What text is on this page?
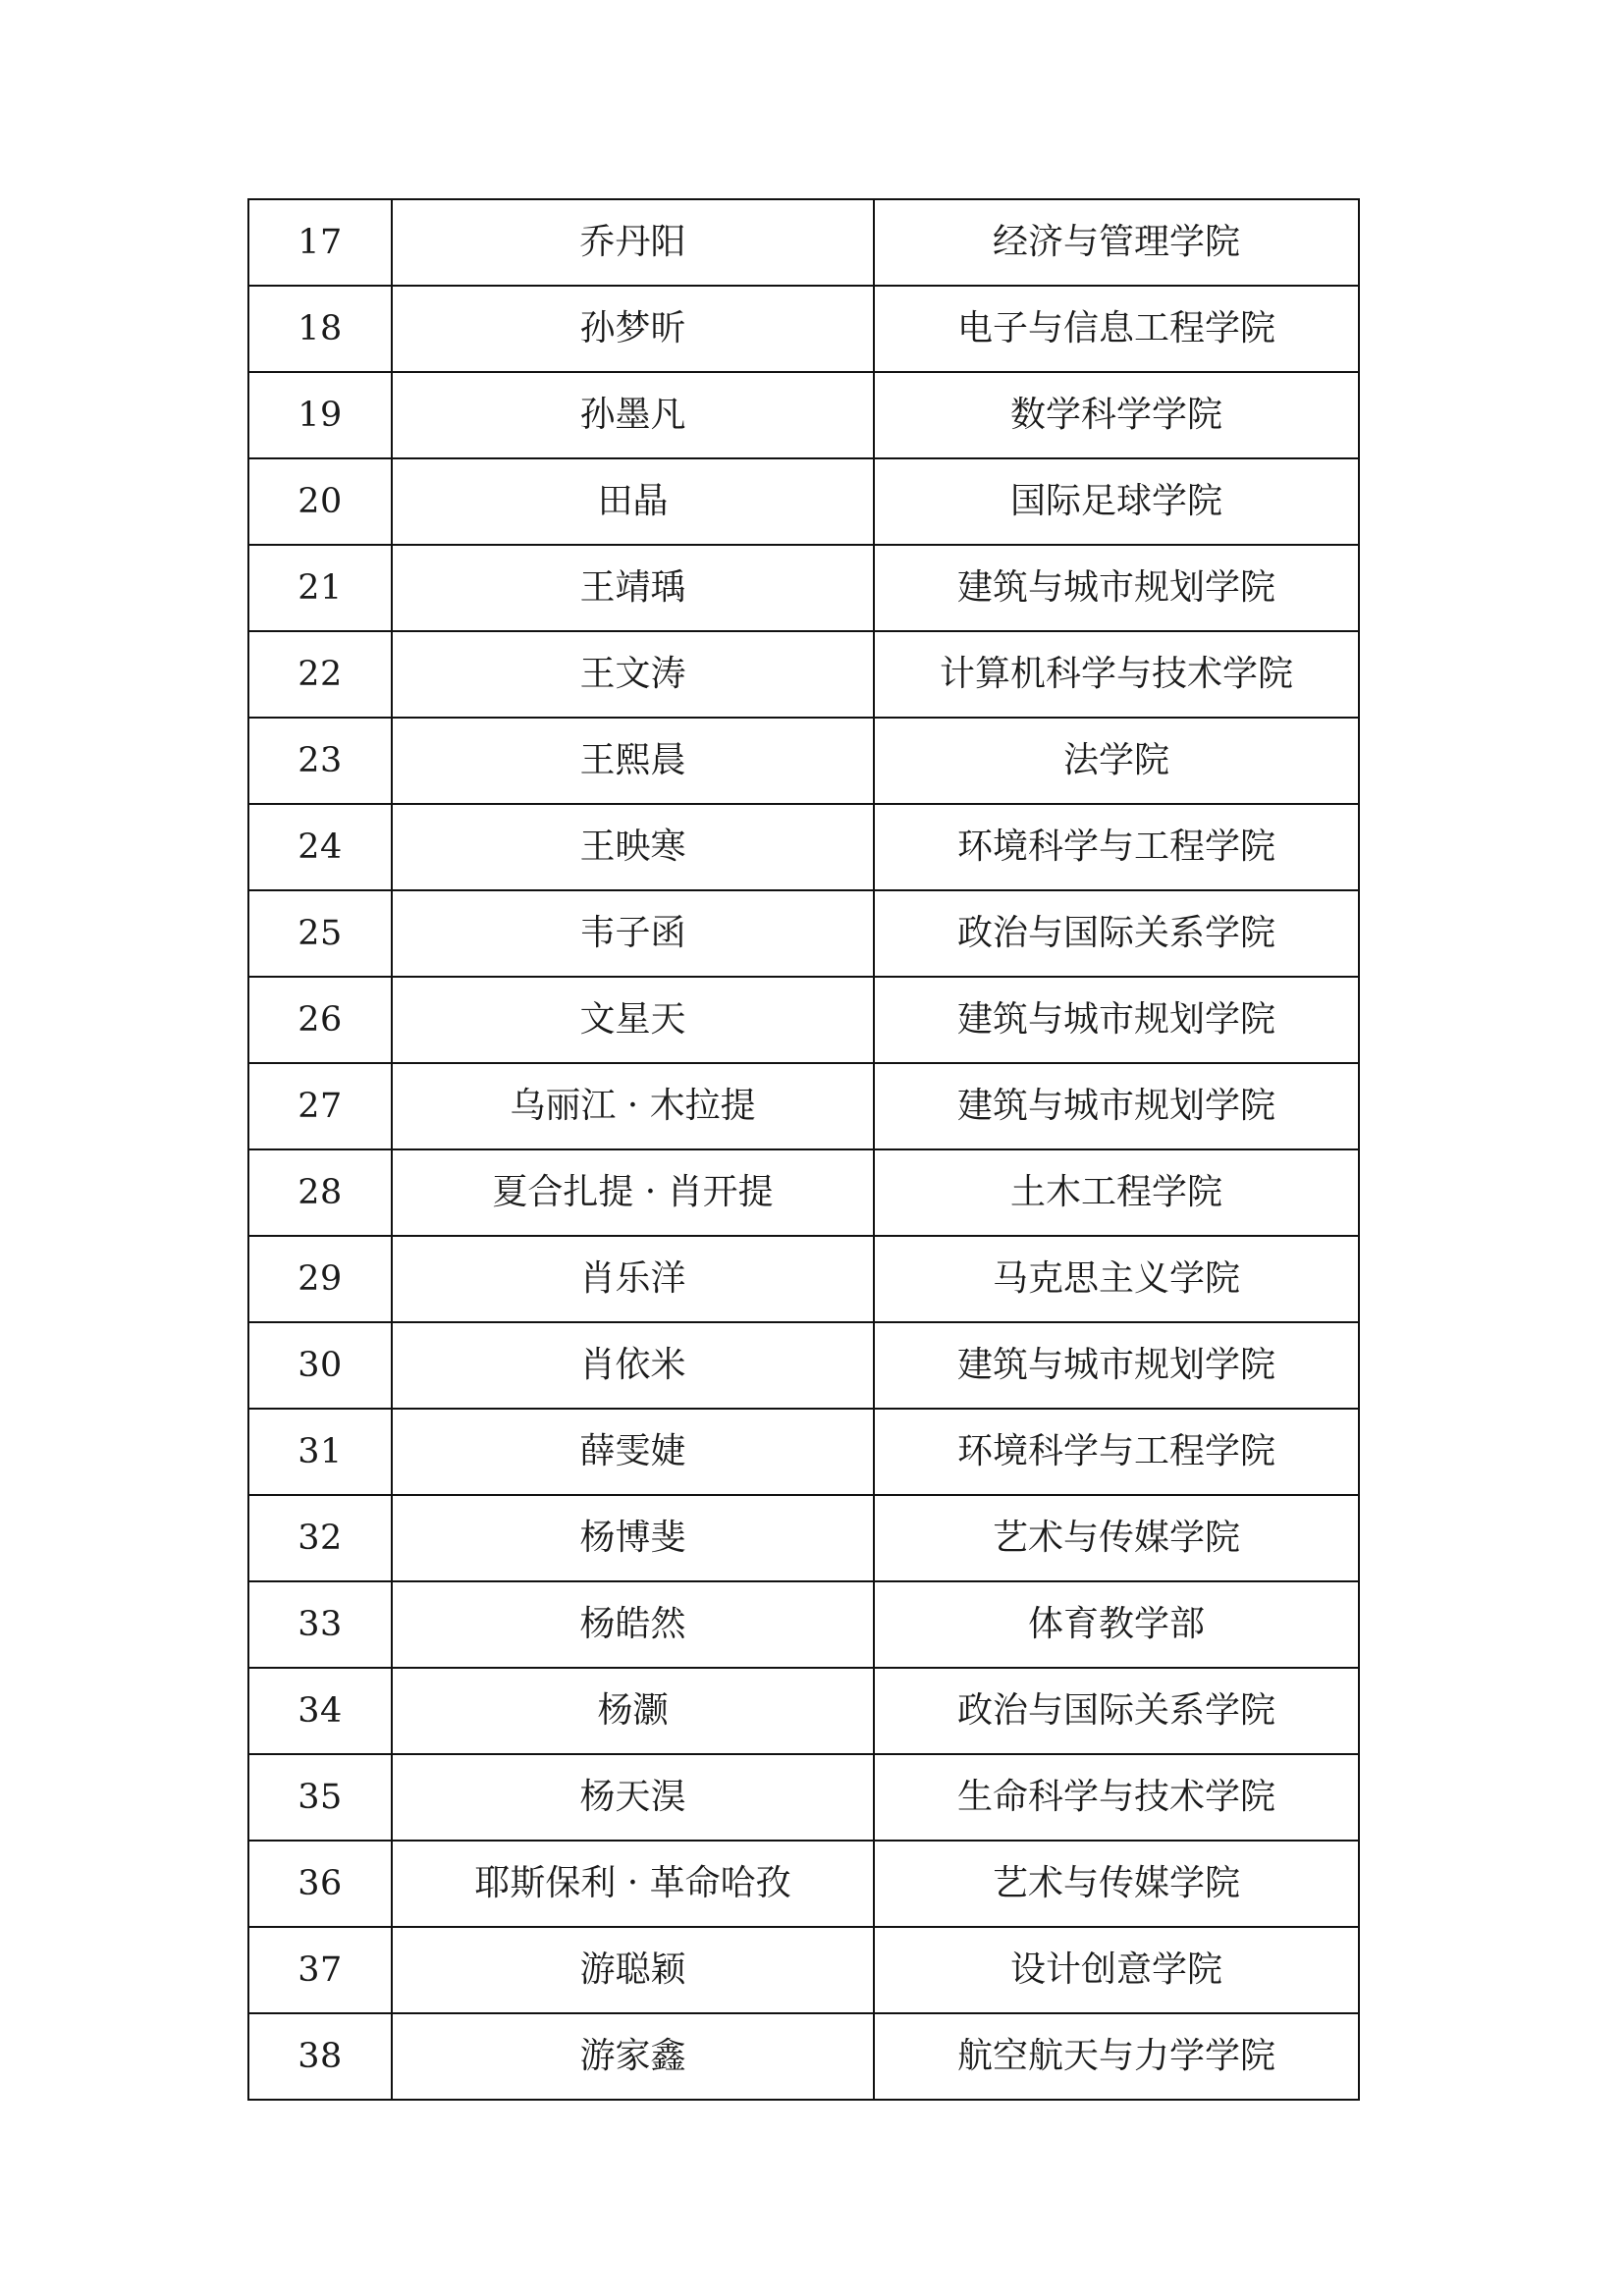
17	乔丹阳	经济与管理学院
18	孙梦昕	电子与信息工程学院
19	孙墨凡	数学科学学院
20	田晶	国际足球学院
21	王靖瑀	建筑与城市规划学院
22	王文涛	计算机科学与技术学院
23	王熙晨	法学院
24	王映寒	环境科学与工程学院
25	韦子函	政治与国际关系学院
26	文星天	建筑与城市规划学院
27	乌丽江 · 木拉提	建筑与城市规划学院
28	夏合扎提 · 肖开提	土木工程学院
29	肖乐洋	马克思主义学院
30	肖依米	建筑与城市规划学院
31	薛雯婕	环境科学与工程学院
32	杨博斐	艺术与传媒学院
33	杨皓然	体育教学部
34	杨灏	政治与国际关系学院
35	杨天淏	生命科学与技术学院
36	耶斯保利 · 革命哈孜	艺术与传媒学院
37	游聪颖	设计创意学院
38	游家鑫	航空航天与力学学院
